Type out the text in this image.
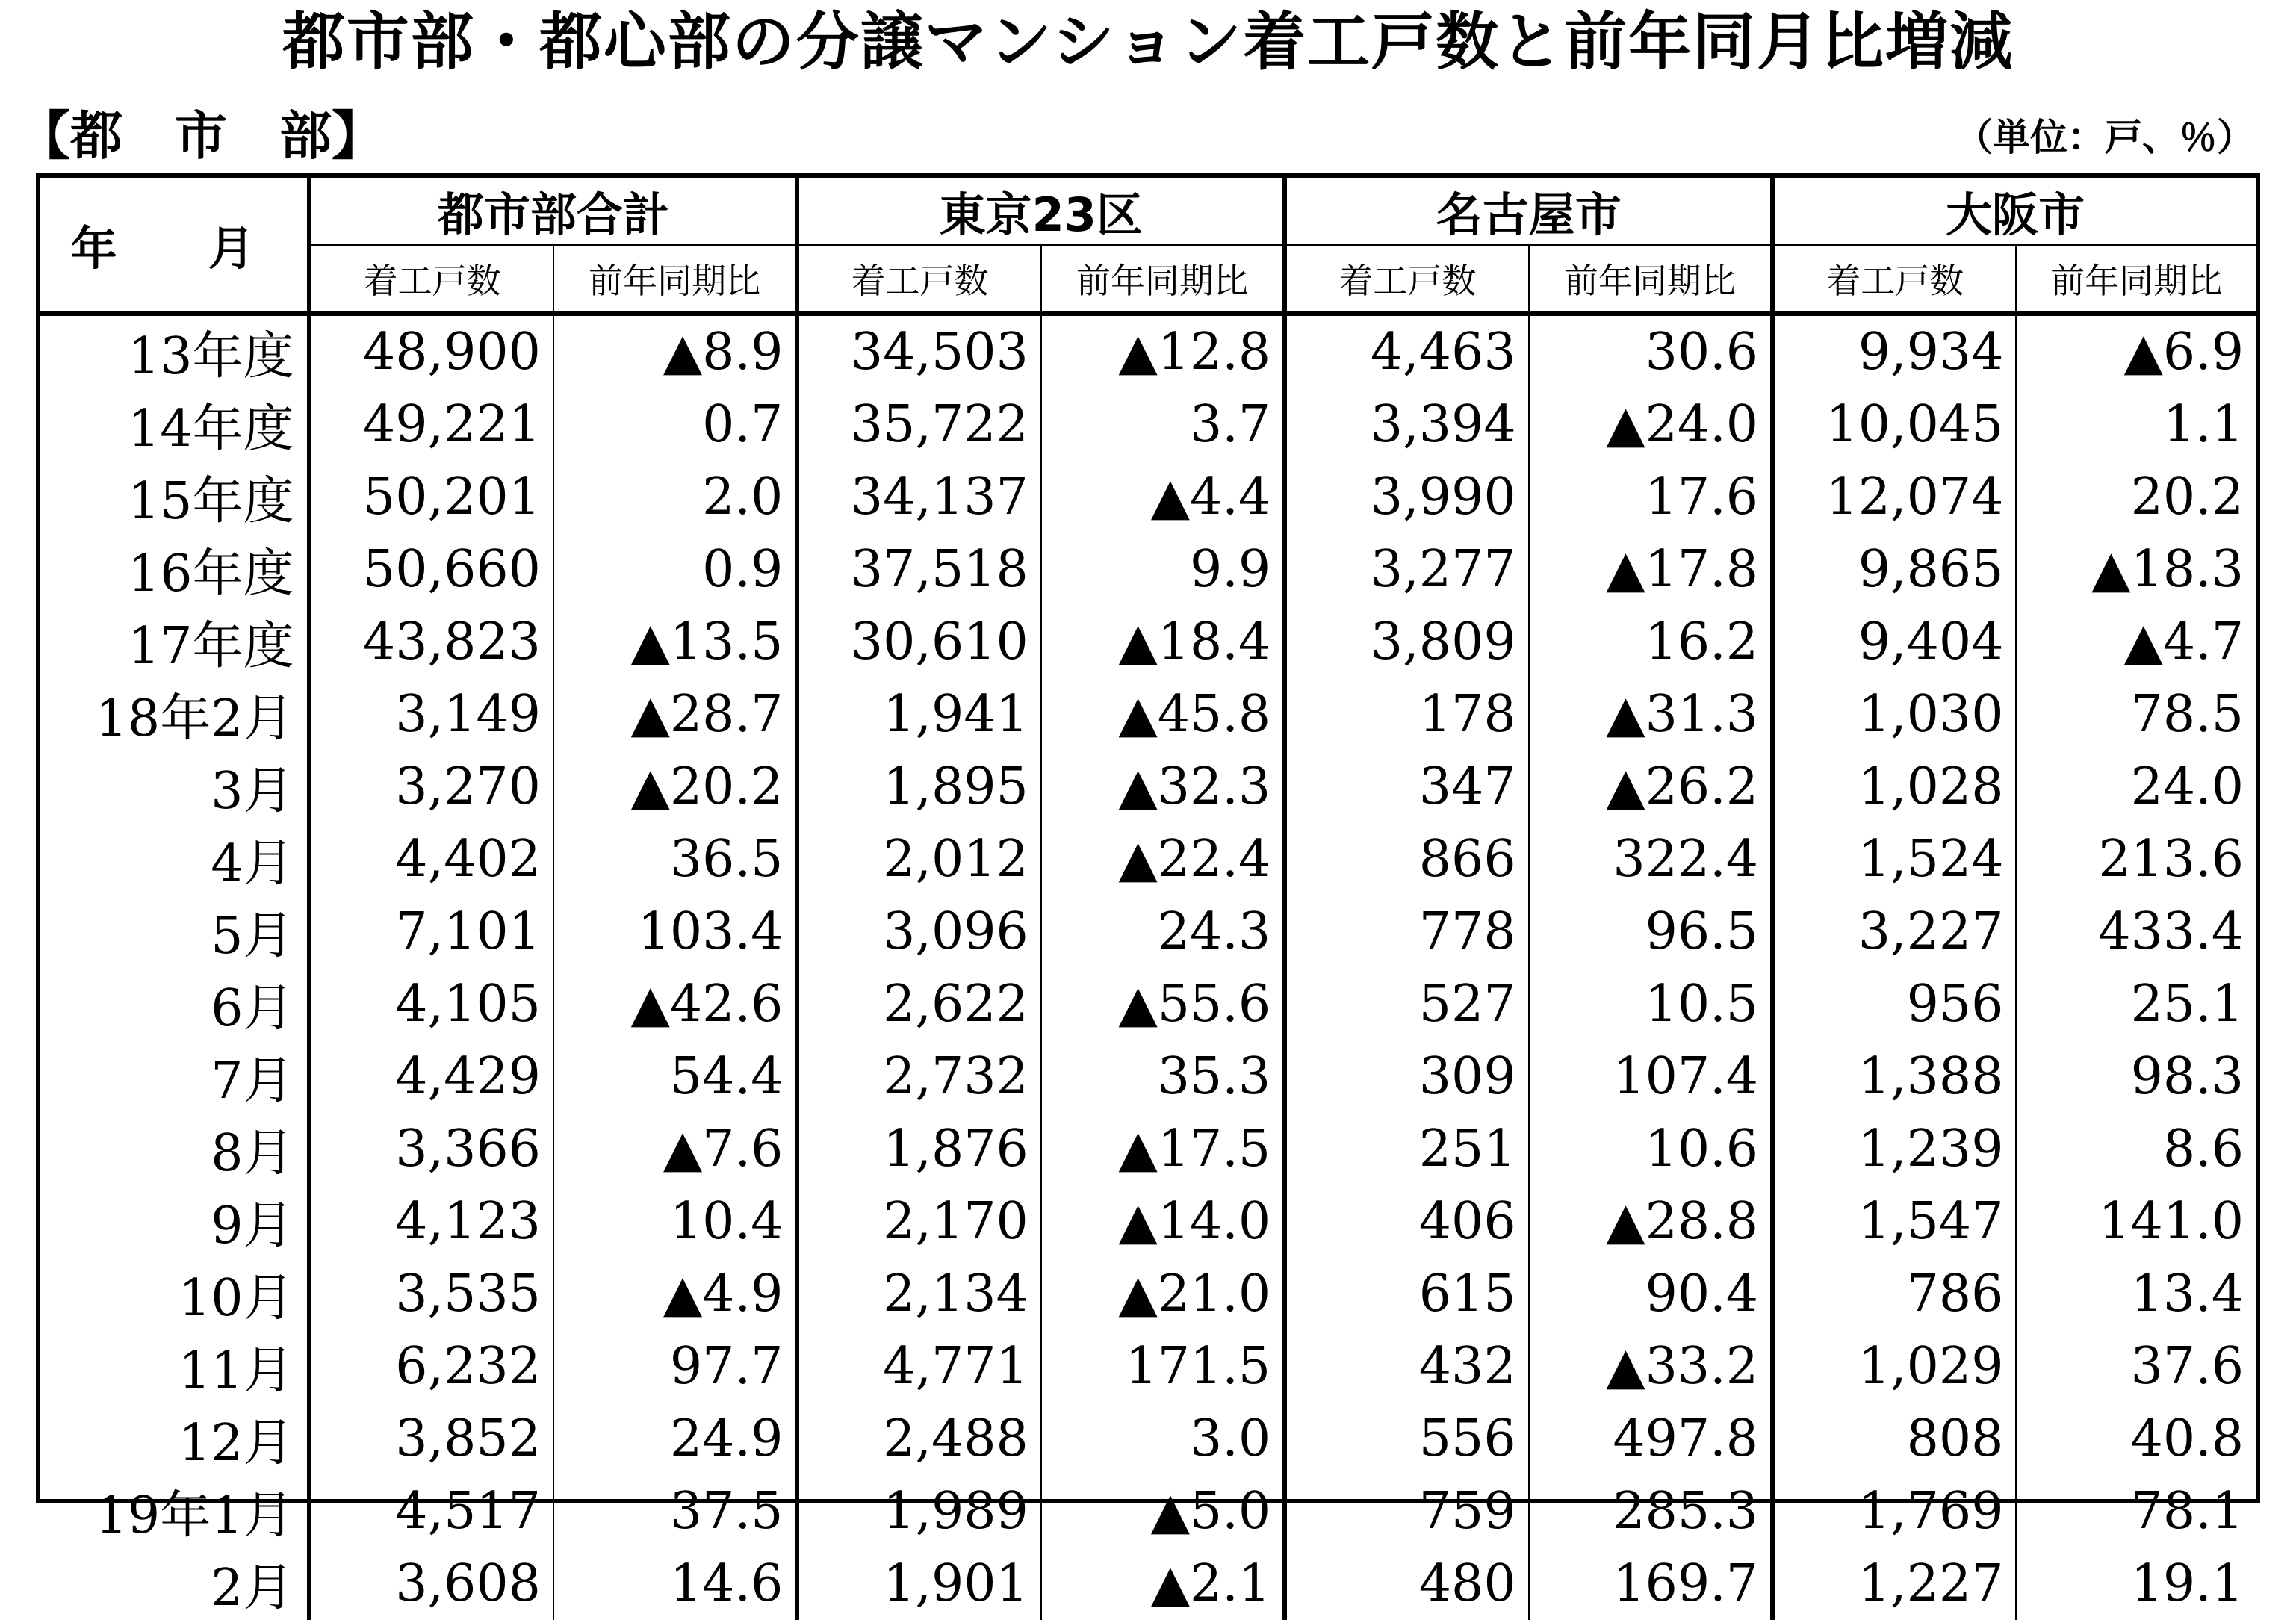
都市部・都心部の分譲マンション着工戸数と前年同月比増減
【都　市　部】	（単位：戸、％）
年　月	都市部合計		東京23区		名古屋市		大阪市	
	着工戸数	前年同期比	着工戸数	前年同期比	着工戸数	前年同期比	着工戸数	前年同期比
13年度	48,900	▲8.9	34,503	▲12.8	4,463	30.6	9,934	▲6.9
14年度	49,221	0.7	35,722	3.7	3,394	▲24.0	10,045	1.1
15年度	50,201	2.0	34,137	▲4.4	3,990	17.6	12,074	20.2
16年度	50,660	0.9	37,518	9.9	3,277	▲17.8	9,865	▲18.3
17年度	43,823	▲13.5	30,610	▲18.4	3,809	16.2	9,404	▲4.7
18年2月	3,149	▲28.7	1,941	▲45.8	178	▲31.3	1,030	78.5
3月	3,270	▲20.2	1,895	▲32.3	347	▲26.2	1,028	24.0
4月	4,402	36.5	2,012	▲22.4	866	322.4	1,524	213.6
5月	7,101	103.4	3,096	24.3	778	96.5	3,227	433.4
6月	4,105	▲42.6	2,622	▲55.6	527	10.5	956	25.1
7月	4,429	54.4	2,732	35.3	309	107.4	1,388	98.3
8月	3,366	▲7.6	1,876	▲17.5	251	10.6	1,239	8.6
9月	4,123	10.4	2,170	▲14.0	406	▲28.8	1,547	141.0
10月	3,535	▲4.9	2,134	▲21.0	615	90.4	786	13.4
11月	6,232	97.7	4,771	171.5	432	▲33.2	1,029	37.6
12月	3,852	24.9	2,488	3.0	556	497.8	808	40.8
19年1月	4,517	37.5	1,989	▲5.0	759	285.3	1,769	78.1
2月	3,608	14.6	1,901	▲2.1	480	169.7	1,227	19.1
